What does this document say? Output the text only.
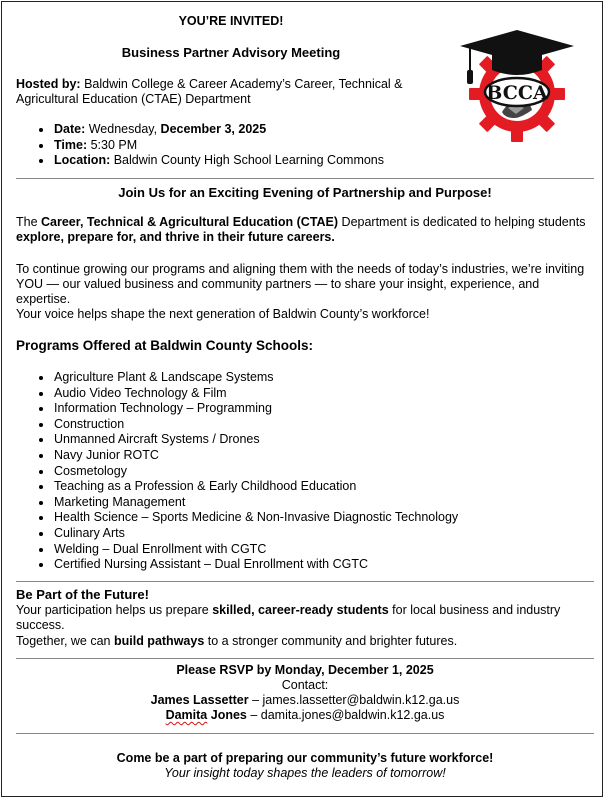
YOU’RE INVITED!
Business Partner Advisory Meeting
Hosted by: Baldwin College & Career Academy’s Career, Technical & Agricultural Education (CTAE) Department
Date: Wednesday, December 3, 2025
Time: 5:30 PM
Location: Baldwin County High School Learning Commons
Join Us for an Exciting Evening of Partnership and Purpose!
The Career, Technical & Agricultural Education (CTAE) Department is dedicated to helping students explore, prepare for, and thrive in their future careers.
To continue growing our programs and aligning them with the needs of today’s industries, we’re inviting YOU — our valued business and community partners — to share your insight, experience, and expertise.
Your voice helps shape the next generation of Baldwin County’s workforce!
Programs Offered at Baldwin County Schools:
Agriculture Plant & Landscape Systems
Audio Video Technology & Film
Information Technology – Programming
Construction
Unmanned Aircraft Systems / Drones
Navy Junior ROTC
Cosmetology
Teaching as a Profession & Early Childhood Education
Marketing Management
Health Science – Sports Medicine & Non-Invasive Diagnostic Technology
Culinary Arts
Welding – Dual Enrollment with CGTC
Certified Nursing Assistant – Dual Enrollment with CGTC
Be Part of the Future!
Your participation helps us prepare skilled, career-ready students for local business and industry success.
Together, we can build pathways to a stronger community and brighter futures.
Please RSVP by Monday, December 1, 2025
Contact:
James Lassetter – james.lassetter@baldwin.k12.ga.us
Damita Jones – damita.jones@baldwin.k12.ga.us
Come be a part of preparing our community’s future workforce!
Your insight today shapes the leaders of tomorrow!
BCCA
